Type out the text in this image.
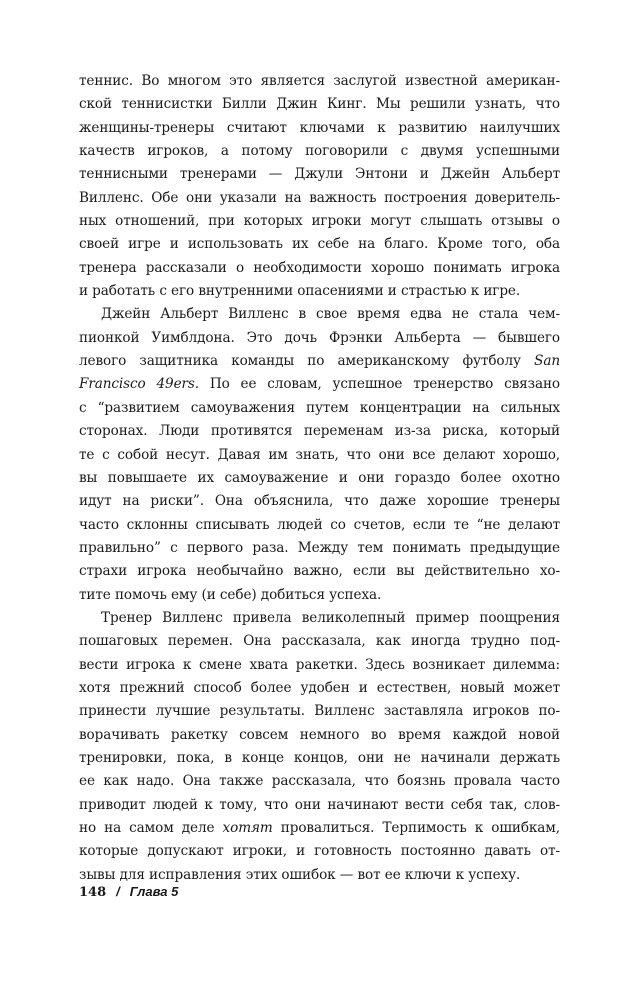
теннис. Во многом это является заслугой известной американ-
ской теннисистки Билли Джин Кинг. Мы решили узнать, что
женщины-тренеры считают ключами к развитию наилучших
качеств игроков, а потому поговорили с двумя успешными
теннисными тренерами — Джули Энтони и Джейн Альберт
Вилленс. Обе они указали на важность построения доверитель-
ных отношений, при которых игроки могут слышать отзывы о
своей игре и использовать их себе на благо. Кроме того, оба
тренера рассказали о необходимости хорошо понимать игрока
и работать с его внутренними опасениями и страстью к игре.
Джейн Альберт Вилленс в свое время едва не стала чем-
пионкой Уимблдона. Это дочь Фрэнки Альберта — бывшего
левого защитника команды по американскому футболу San
Francisco 49ers. По ее словам, успешное тренерство связано
с “развитием самоуважения путем концентрации на сильных
сторонах. Люди противятся переменам из-за риска, который
те с собой несут. Давая им знать, что они все делают хорошо,
вы повышаете их самоуважение и они гораздо более охотно
идут на риски”. Она объяснила, что даже хорошие тренеры
часто склонны списывать людей со счетов, если те “не делают
правильно” с первого раза. Между тем понимать предыдущие
страхи игрока необычайно важно, если вы действительно хо-
тите помочь ему (и себе) добиться успеха.
Тренер Вилленс привела великолепный пример поощрения
пошаговых перемен. Она рассказала, как иногда трудно под-
вести игрока к смене хвата ракетки. Здесь возникает дилемма:
хотя прежний способ более удобен и естествен, новый может
принести лучшие результаты. Вилленс заставляла игроков по-
ворачивать ракетку совсем немного во время каждой новой
тренировки, пока, в конце концов, они не начинали держать
ее как надо. Она также рассказала, что боязнь провала часто
приводит людей к тому, что они начинают вести себя так, слов-
но на самом деле хотят провалиться. Терпимость к ошибкам,
которые допускают игроки, и готовность постоянно давать от-
зывы для исправления этих ошибок — вот ее ключи к успеху.
148 / Глава 5
